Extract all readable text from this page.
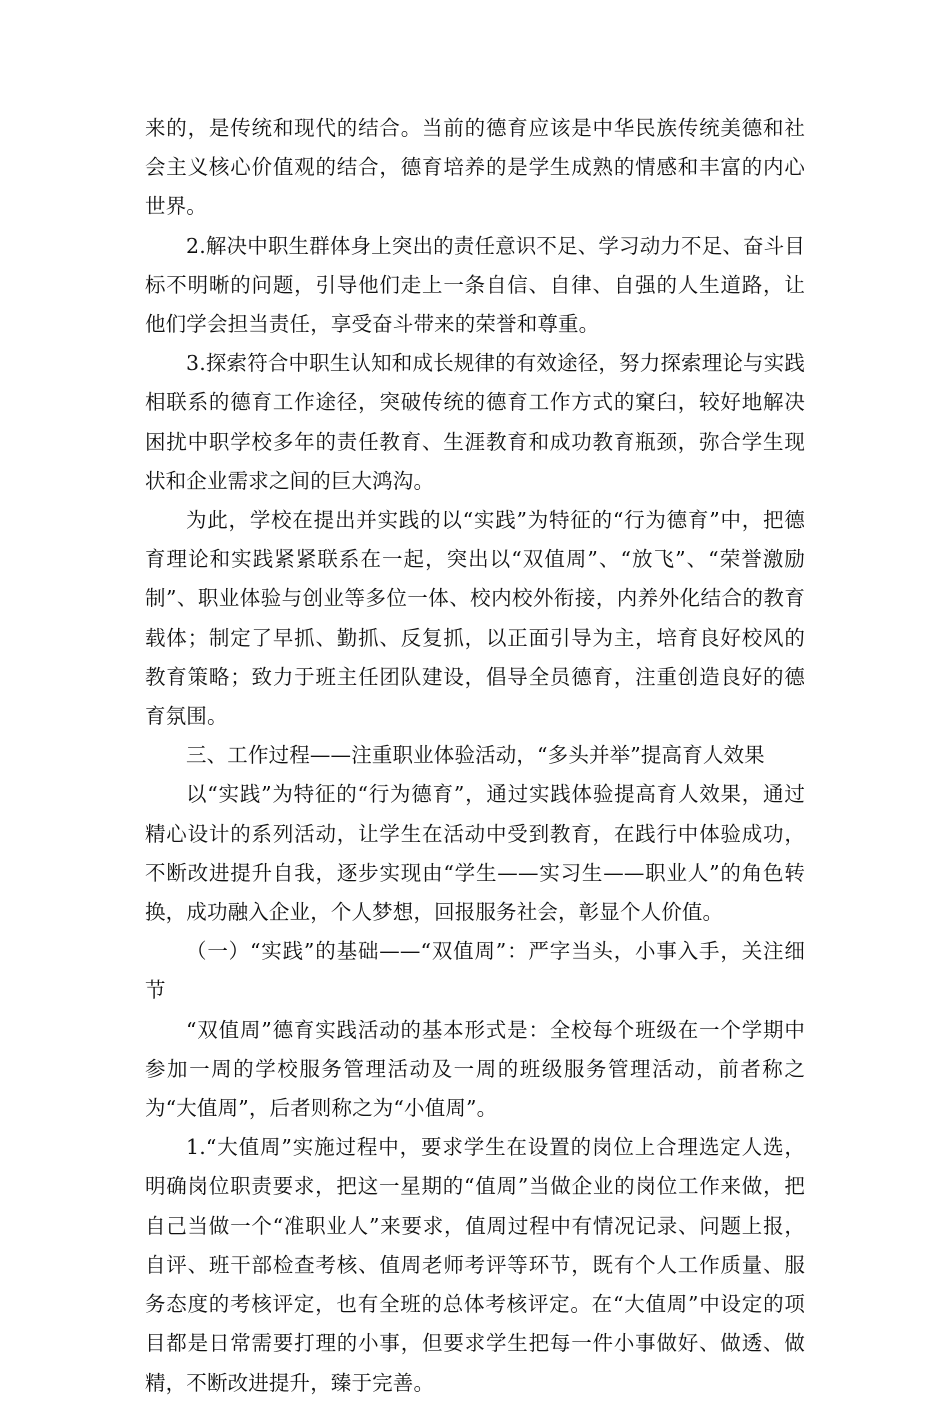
来的，是传统和现代的结合。当前的德育应该是中华民族传统美德和社会主义核心价值观的结合，德育培养的是学生成熟的情感和丰富的内心世界。

2.解决中职生群体身上突出的责任意识不足、学习动力不足、奋斗目标不明晰的问题，引导他们走上一条自信、自律、自强的人生道路，让他们学会担当责任，享受奋斗带来的荣誉和尊重。

3.探索符合中职生认知和成长规律的有效途径，努力探索理论与实践相联系的德育工作途径，突破传统的德育工作方式的窠臼，较好地解决困扰中职学校多年的责任教育、生涯教育和成功教育瓶颈，弥合学生现状和企业需求之间的巨大鸿沟。

为此，学校在提出并实践的以“实践”为特征的“行为德育”中，把德育理论和实践紧紧联系在一起，突出以“双值周”、“放飞”、“荣誉激励制”、职业体验与创业等多位一体、校内校外衔接，内养外化结合的教育载体；制定了早抓、勤抓、反复抓，以正面引导为主，培育良好校风的教育策略；致力于班主任团队建设，倡导全员德育，注重创造良好的德育氛围。

三、工作过程——注重职业体验活动，“多头并举”提高育人效果

以“实践”为特征的“行为德育”，通过实践体验提高育人效果，通过精心设计的系列活动，让学生在活动中受到教育，在践行中体验成功，不断改进提升自我，逐步实现由“学生——实习生——职业人”的角色转换，成功融入企业，个人梦想，回报服务社会，彰显个人价值。

（一）“实践”的基础——“双值周”：严字当头，小事入手，关注细节

“双值周”德育实践活动的基本形式是：全校每个班级在一个学期中参加一周的学校服务管理活动及一周的班级服务管理活动，前者称之为“大值周”，后者则称之为“小值周”。

1.“大值周”实施过程中，要求学生在设置的岗位上合理选定人选，明确岗位职责要求，把这一星期的“值周”当做企业的岗位工作来做，把自己当做一个“准职业人”来要求，值周过程中有情况记录、问题上报，自评、班干部检查考核、值周老师考评等环节，既有个人工作质量、服务态度的考核评定，也有全班的总体考核评定。在“大值周”中设定的项目都是日常需要打理的小事，但要求学生把每一件小事做好、做透、做精，不断改进提升，臻于完善。
